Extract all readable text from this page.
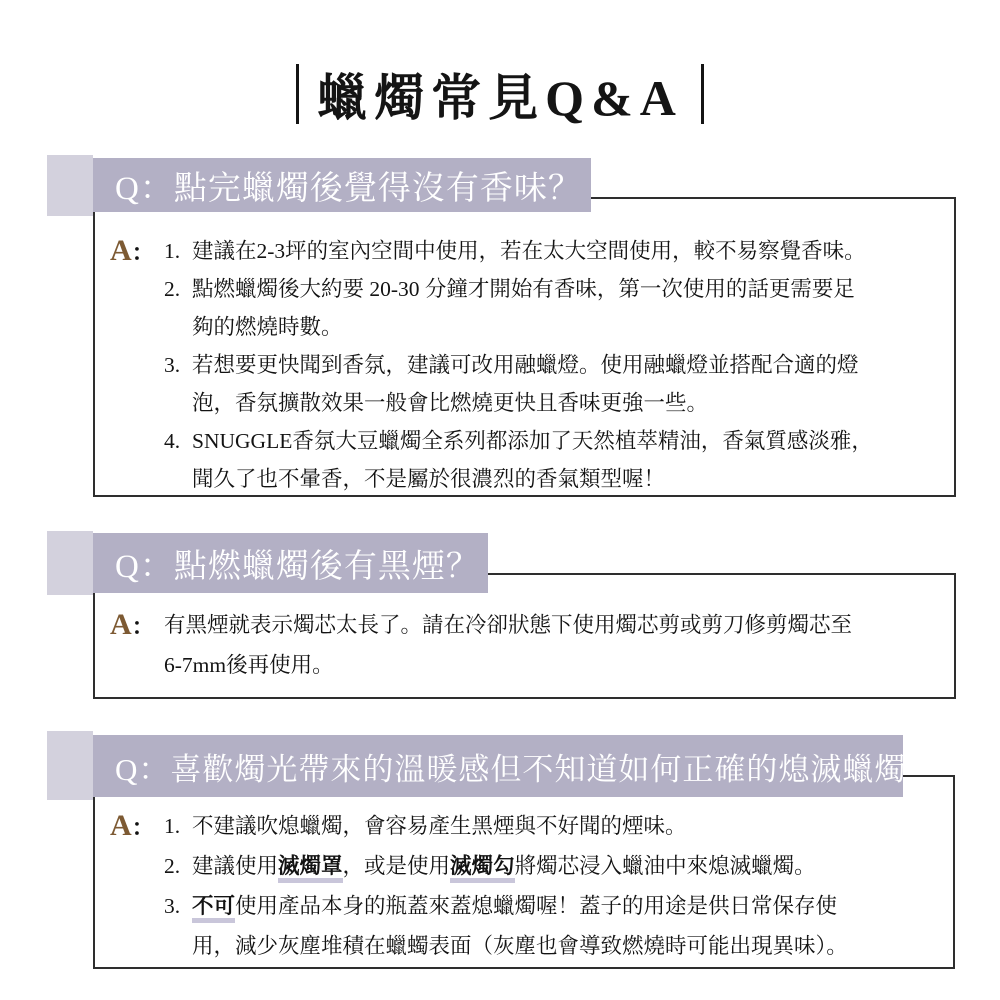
蠟燭常見Q&A
Q：點完蠟燭後覺得沒有香味？
A： 1. 建議在2-3坪的室內空間中使用，若在太大空間使用，較不易察覺香味。
2. 點燃蠟燭後大約要 20-30 分鐘才開始有香味，第一次使用的話更需要足
夠的燃燒時數。
3. 若想要更快聞到香氛，建議可改用融蠟燈。使用融蠟燈並搭配合適的燈
泡，香氛擴散效果一般會比燃燒更快且香味更強一些。
4. SNUGGLE香氛大豆蠟燭全系列都添加了天然植萃精油，香氣質感淡雅，
聞久了也不暈香，不是屬於很濃烈的香氣類型喔！
Q：點燃蠟燭後有黑煙？
A： 有黑煙就表示燭芯太長了。請在冷卻狀態下使用燭芯剪或剪刀修剪燭芯至
6-7mm後再使用。
Q：喜歡燭光帶來的溫暖感但不知道如何正確的熄滅蠟燭？
A： 1. 不建議吹熄蠟燭，會容易產生黑煙與不好聞的煙味。
2. 建議使用滅燭罩，或是使用滅燭勾將燭芯浸入蠟油中來熄滅蠟燭。
3. 不可使用產品本身的瓶蓋來蓋熄蠟燭喔！蓋子的用途是供日常保存使
用，減少灰塵堆積在蠟蠋表面（灰塵也會導致燃燒時可能出現異味）。
